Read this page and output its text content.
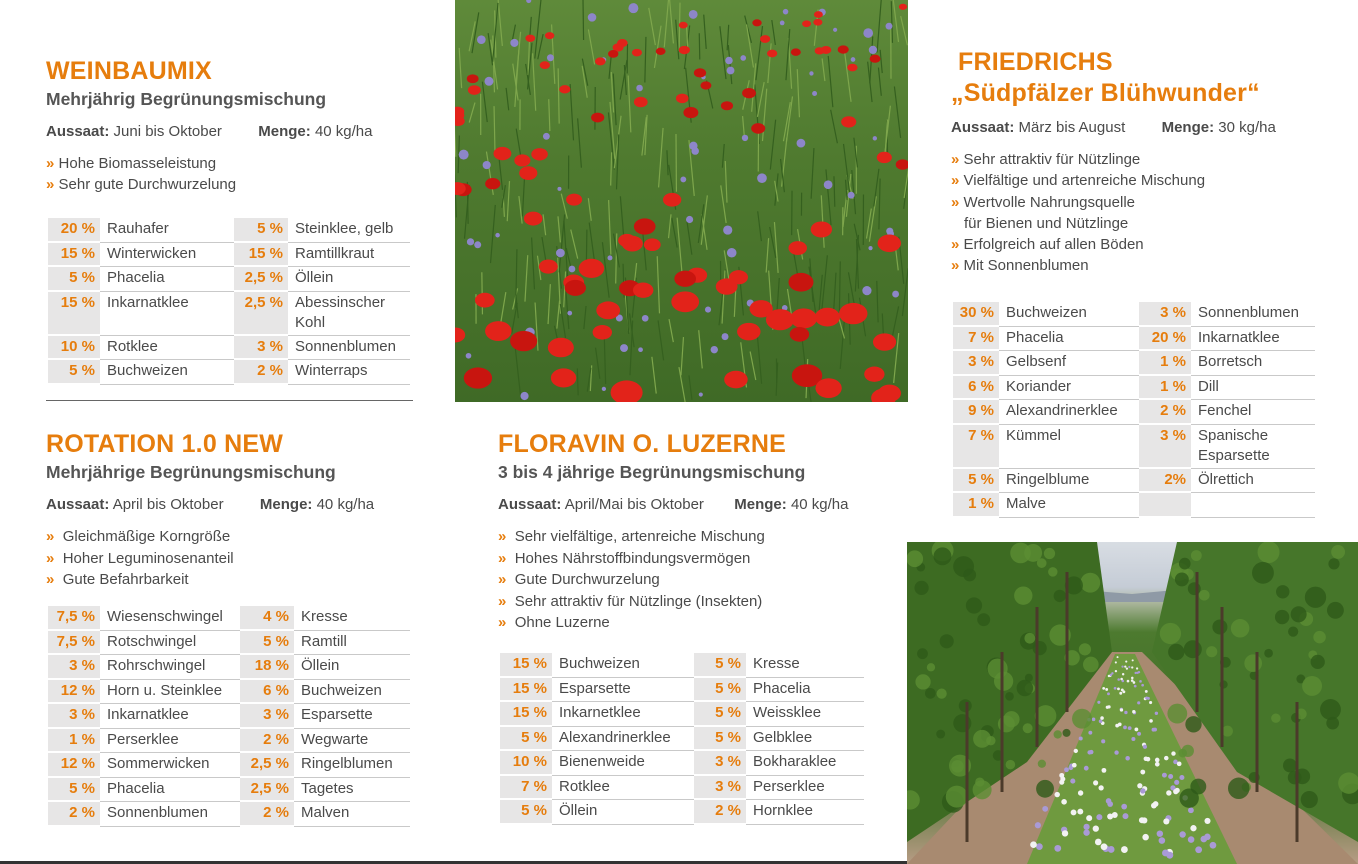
WEINBAUMIX
Mehrjährig Begrünungsmischung
Aussaat: Juni bis Oktober Menge: 40 kg/ha
»
Hohe Biomasseleistung
»
Sehr gute Durchwurzelung
20 %	Rauhafer	5 %	Steinklee, gelb
15 %	Winterwicken	15 %	Ramtillkraut
5 %	Phacelia	2,5 %	Öllein
15 %	Inkarnatklee	2,5 %	Abessinscher Kohl
10 %	Rotklee	3 %	Sonnenblumen
5 %	Buchweizen	2 %	Winterraps
ROTATION 1.0 NEW
Mehrjährige Begrünungsmischung
Aussaat: April bis Oktober Menge: 40 kg/ha
»
Gleichmäßige Korngröße
»
Hoher Leguminosenanteil
»
Gute Befahrbarkeit
7,5 %	Wiesenschwingel	4 %	Kresse
7,5 %	Rotschwingel	5 %	Ramtill
3 %	Rohrschwingel	18 %	Öllein
12 %	Horn u. Steinklee	6 %	Buchweizen
3 %	Inkarnatklee	3 %	Esparsette
1 %	Perserklee	2 %	Wegwarte
12 %	Sommerwicken	2,5 %	Ringelblumen
5 %	Phacelia	2,5 %	Tagetes
2 %	Sonnenblumen	2 %	Malven
FLORAVIN O. LUZERNE
3 bis 4 jährige Begrünungsmischung
Aussaat: April/Mai bis Oktober Menge: 40 kg/ha
»
Sehr vielfältige, artenreiche Mischung
»
Hohes Nährstoffbindungsvermögen
»
Gute Durchwurzelung
»
Sehr attraktiv für Nützlinge (Insekten)
»
Ohne Luzerne
15 %	Buchweizen	5 %	Kresse
15 %	Esparsette	5 %	Phacelia
15 %	Inkarnetklee	5 %	Weissklee
5 %	Alexandrinerklee	5 %	Gelbklee
10 %	Bienenweide	3 %	Bokharaklee
7 %	Rotklee	3 %	Perserklee
5 %	Öllein	2 %	Hornklee
FRIEDRICHS
„Südpfälzer Blühwunder“
Aussaat: März bis August Menge: 30 kg/ha
»
Sehr attraktiv für Nützlinge
»
Vielfältige und artenreiche Mischung
»
Wertvolle Nahrungsquelle
für Bienen und Nützlinge
»
Erfolgreich auf allen Böden
»
Mit Sonnenblumen
30 %	Buchweizen	3 %	Sonnenblumen
7 %	Phacelia	20 %	Inkarnatklee
3 %	Gelbsenf	1 %	Borretsch
6 %	Koriander	1 %	Dill
9 %	Alexandrinerklee	2 %	Fenchel
7 %	Kümmel	3 %	Spanische Esparsette
5 %	Ringelblume	2%	Ölrettich
1 %	Malve		
